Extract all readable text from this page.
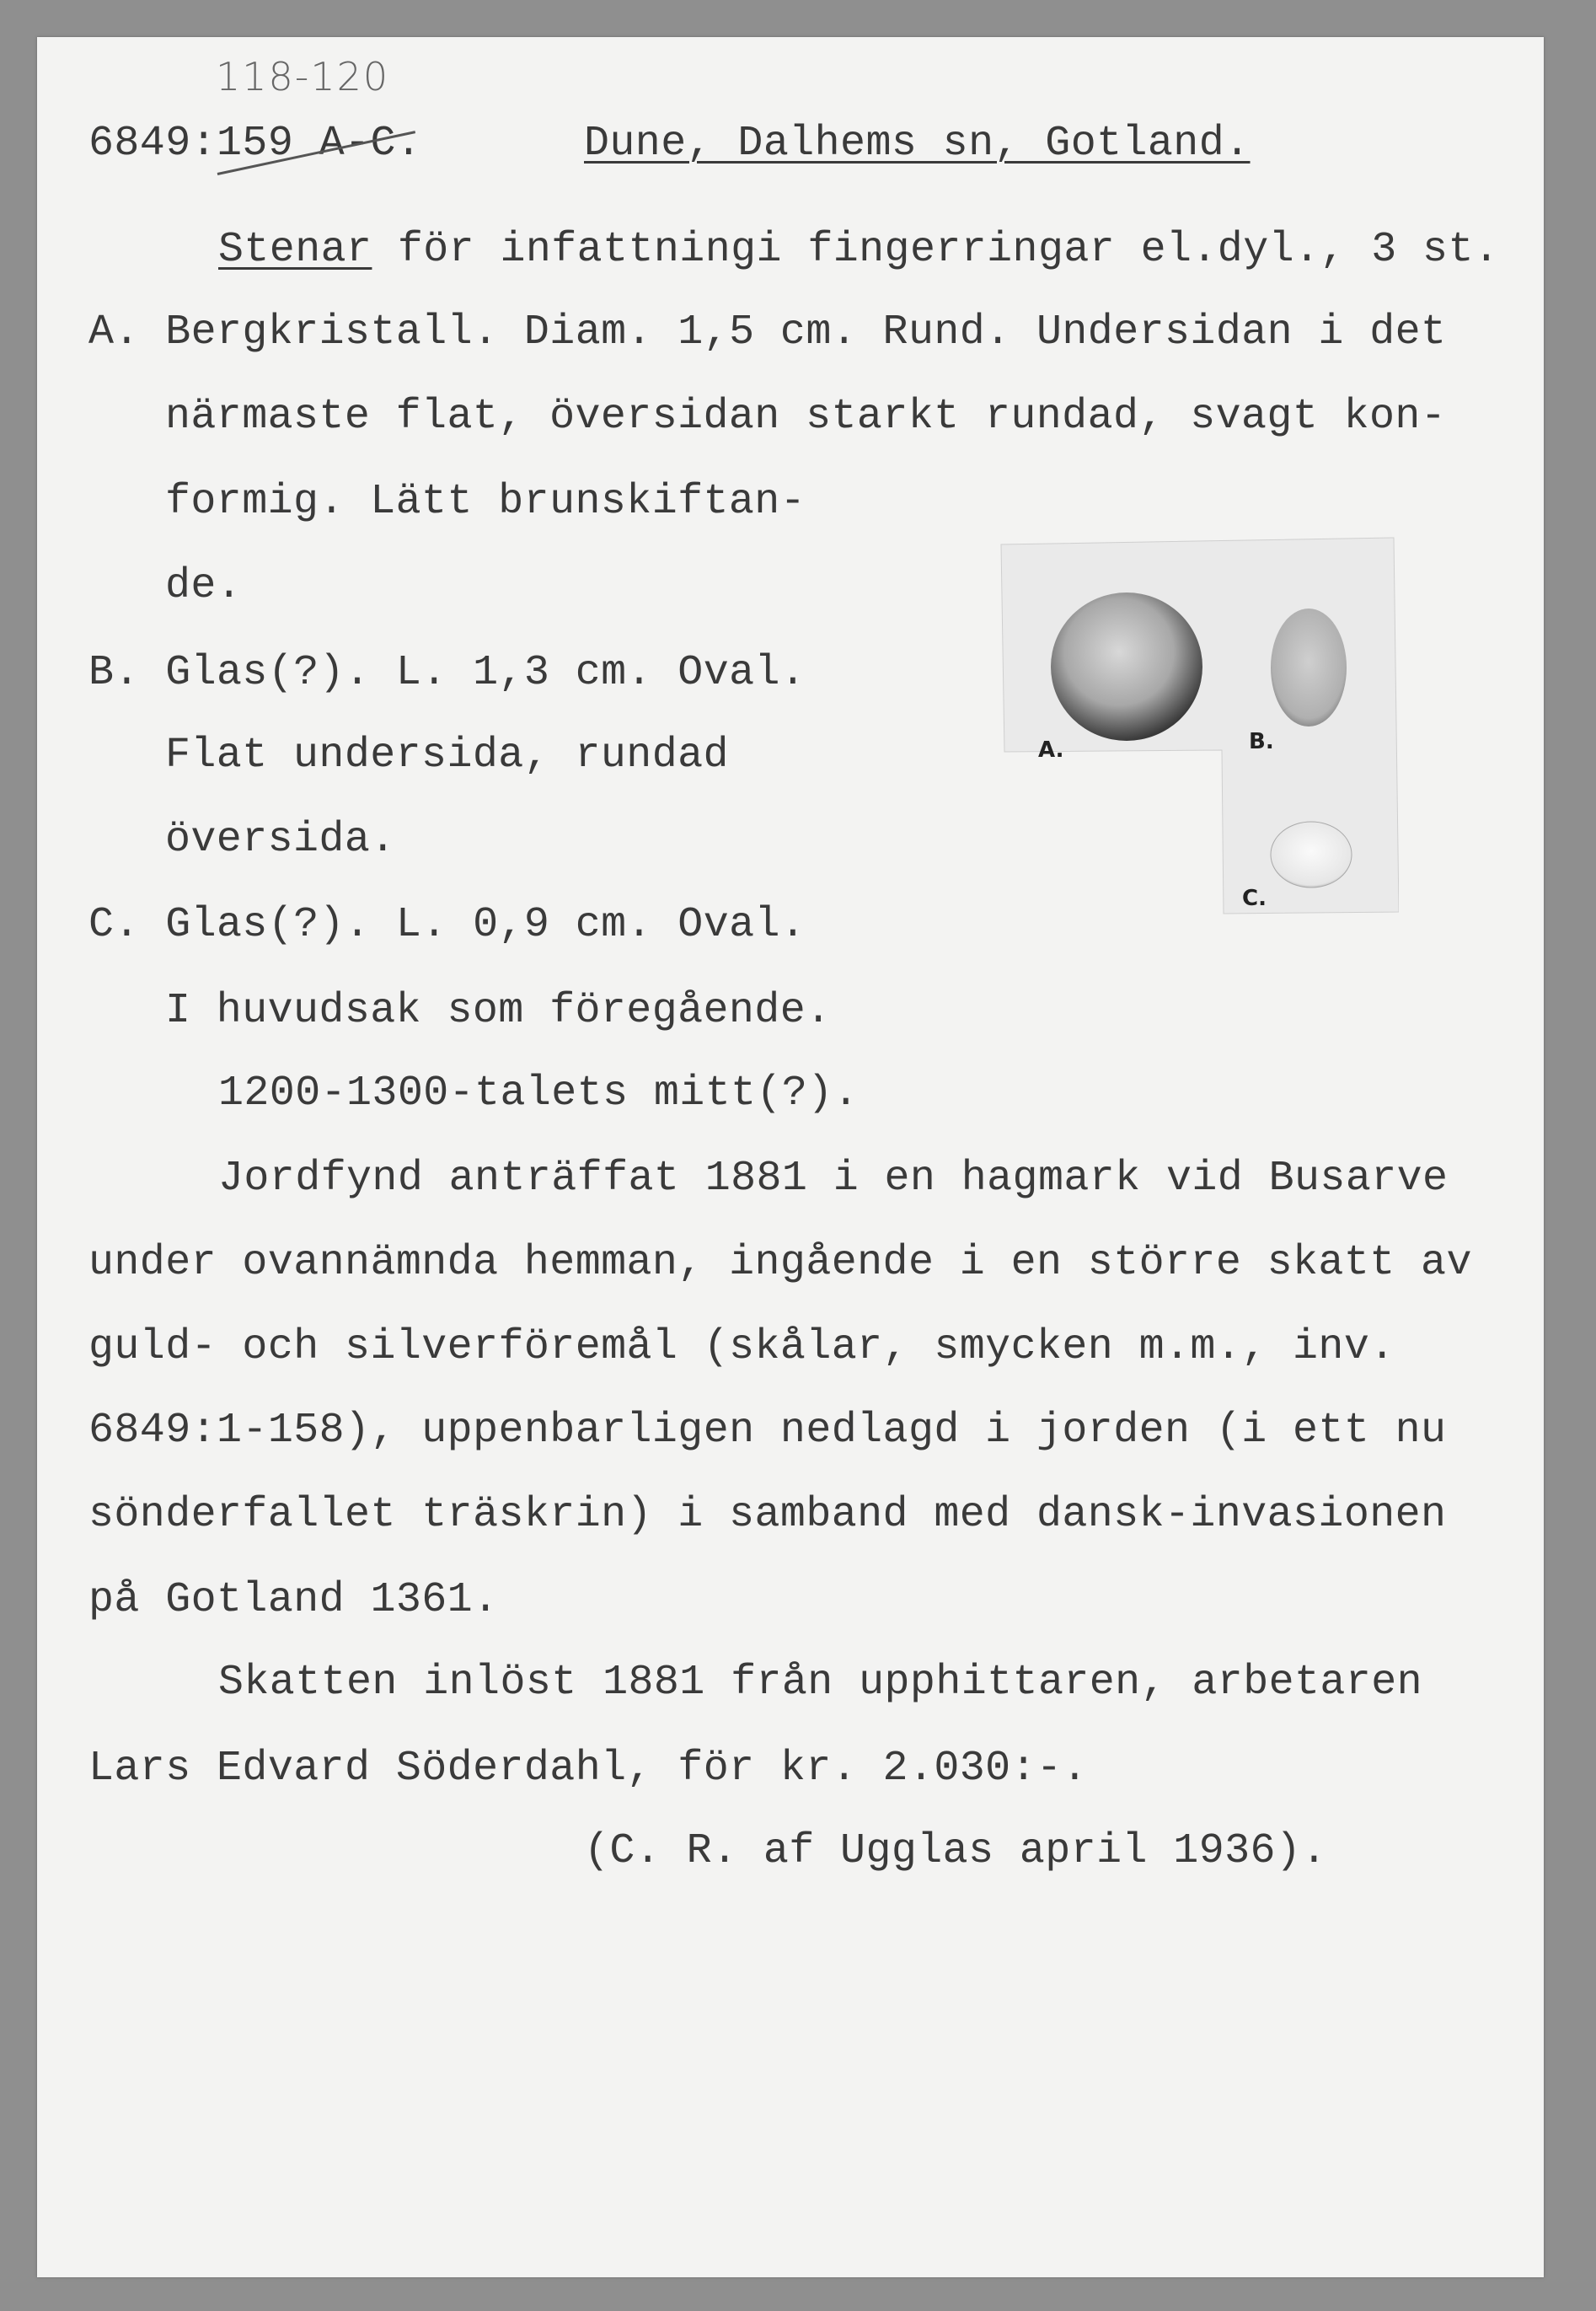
118-120
6849:159 A-C.	Dune, Dalhems sn, Gotland.
Stenar för infattningi fingerringar el.dyl., 3 st.
A. Bergkristall. Diam. 1,5 cm. Rund. Undersidan i det
närmaste flat, översidan starkt rundad, svagt kon-
formig. Lätt brunskiftan-
de.
B. Glas(?). L. 1,3 cm. Oval.
Flat undersida, rundad
översida.
C. Glas(?). L. 0,9 cm. Oval.
I huvudsak som föregående.
1200-1300-talets mitt(?).
Jordfynd anträffat 1881 i en hagmark vid Busarve
under ovannämnda hemman, ingående i en större skatt av
guld- och silverföremål (skålar, smycken m.m., inv.
6849:1-158), uppenbarligen nedlagd i jorden (i ett nu
sönderfallet träskrin) i samband med dansk-invasionen
på Gotland 1361.
Skatten inlöst 1881 från upphittaren, arbetaren
Lars Edvard Söderdahl, för kr. 2.030:-.
(C. R. af Ugglas april 1936).
A.	B.
C.
